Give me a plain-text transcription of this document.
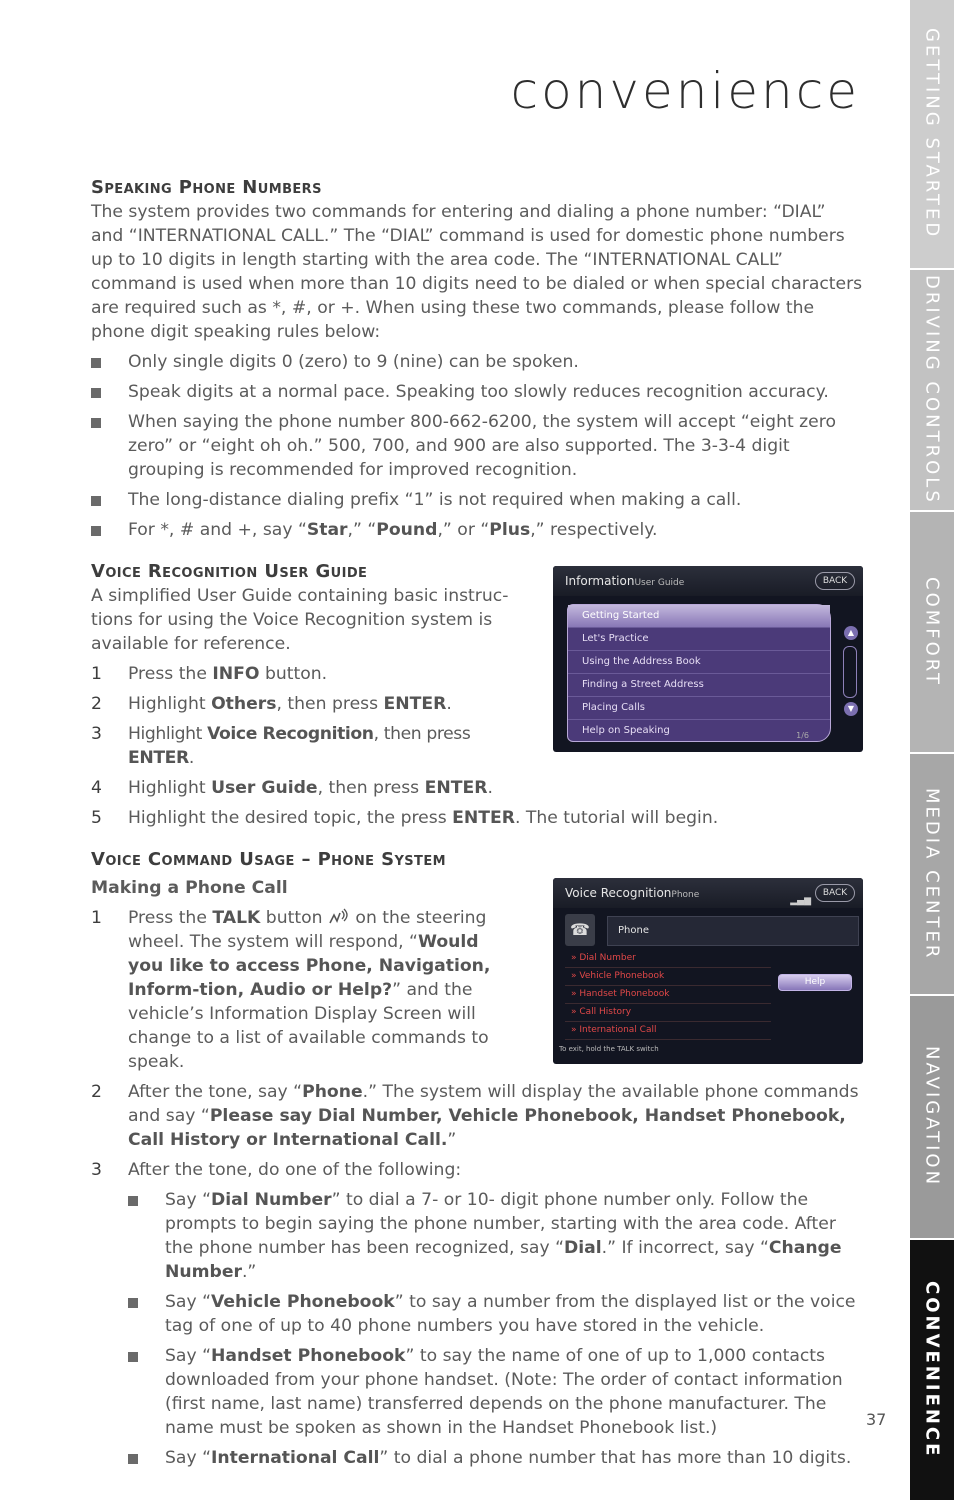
convenience
Speaking Phone Numbers

The system provides two commands for entering and dialing a phone number: “DIAL” and “INTERNATIONAL CALL.” The “DIAL” command is used for domestic phone numbers up to 10 digits in length starting with the area code. The “INTERNATIONAL CALL” command is used when more than 10 digits need to be dialed or when special characters are required such as *, #, or +. When using these two commands, please follow the phone digit speaking rules below:

Only single digits 0 (zero) to 9 (nine) can be spoken.
Speak digits at a normal pace. Speaking too slowly reduces recognition accuracy.
When saying the phone number 800-662-6200, the system will accept “eight zero zero” or “eight oh oh.” 500, 700, and 900 are also supported. The 3-3-4 digit grouping is recommended for improved recognition.
The long-distance dialing prefix “1” is not required when making a call.
For *, # and +, say “Star,” “Pound,” or “Plus,” respectively.
InformationUser Guide	BACK
Getting Started
Let's Practice
Using the Address Book
Finding a Street Address
Placing Calls
Help on Speaking
▲
▼
1/6
Voice Recognition User Guide

A simplified User Guide containing basic instruc-tions for using the Voice Recognition system is available for reference.

1 Press the INFO button.
2 Highlight Others, then press ENTER.
3 Highlight Voice Recognition, then press ENTER.
4 Highlight User Guide, then press ENTER.
5 Highlight the desired topic, the press ENTER. The tutorial will begin.
Voice Command Usage – Phone System
Voice RecognitionPhone
▂▄▆
BACK
☎	Phone
» Dial Number
» Vehicle Phonebook
» Handset Phonebook
» Call History
» International Call
Help
To exit, hold the TALK switch

Making a Phone Call

1 Press the TALK button  on the steering wheel. The system will respond, “Would you like to access Phone, Navigation, Inform-tion, Audio or Help?” and the vehicle’s Information Display Screen will change to a list of available commands to speak.
2 After the tone, say “Phone.” The system will display the available phone commands and say “Please say Dial Number, Vehicle Phonebook, Handset Phonebook, Call History or International Call.”
3 After the tone, do one of the following:
Say “Dial Number” to dial a 7- or 10- digit phone number only. Follow the prompts to begin saying the phone number, starting with the area code. After the phone number has been recognized, say “Dial.” If incorrect, say “Change Number.”
Say “Vehicle Phonebook” to say a number from the displayed list or the voice tag of one of up to 40 phone numbers you have stored in the vehicle.
Say “Handset Phonebook” to say the name of one of up to 1,000 contacts downloaded from your phone handset. (Note: The order of contact information (first name, last name) transferred depends on the phone manufacturer. The name must be spoken as shown in the Handset Phonebook list.)
Say “International Call” to dial a phone number that has more than 10 digits.
37
GETTING STARTED
DRIVING CONTROLS
COMFORT
MEDIA CENTER
NAVIGATION
CONVENIENCE
